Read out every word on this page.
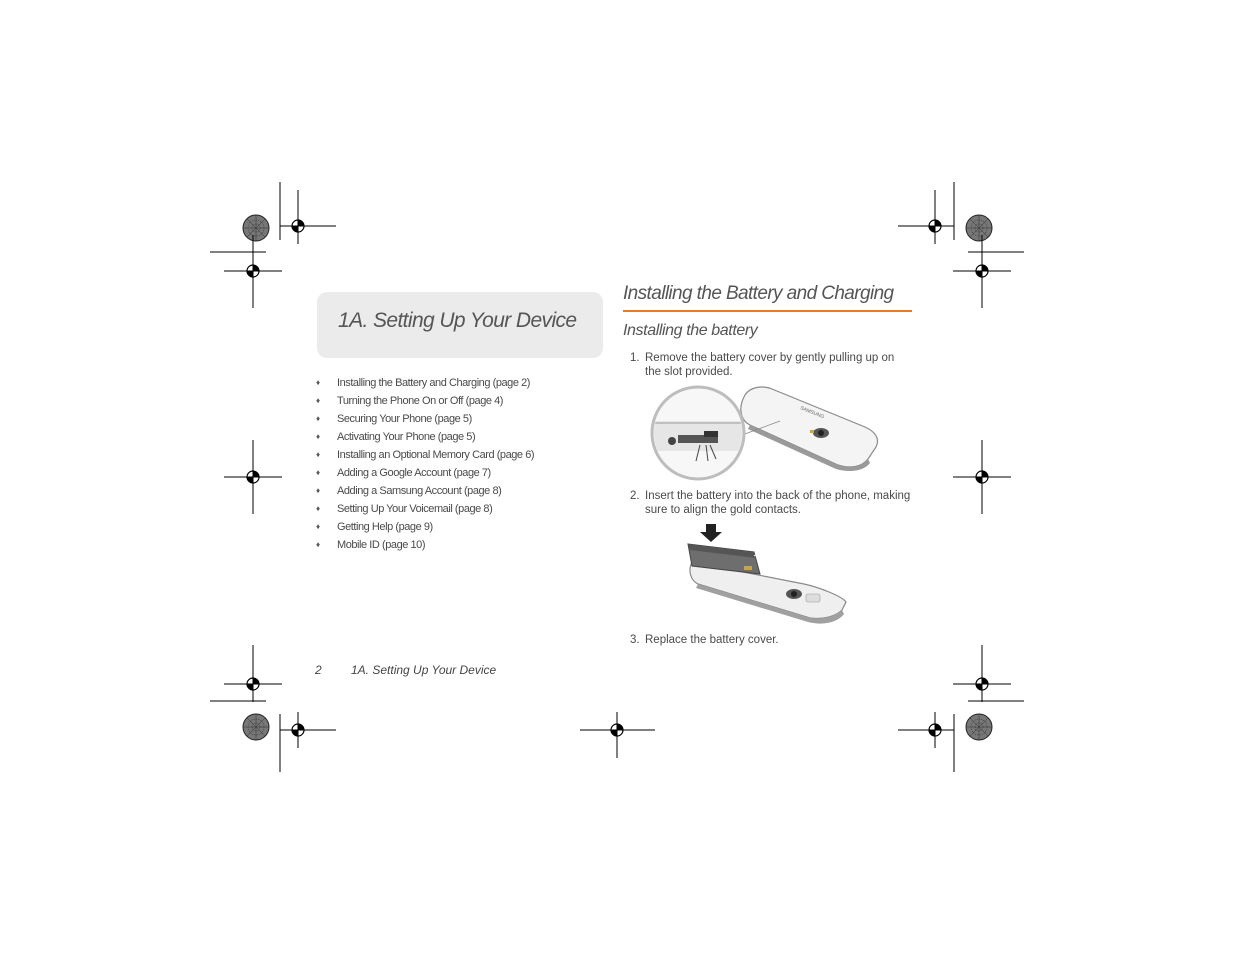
1A. Setting Up Your Device
♦ Installing the Battery and Charging (page 2)
♦ Turning the Phone On or Off (page 4)
♦ Securing Your Phone (page 5)
♦ Activating Your Phone (page 5)
♦ Installing an Optional Memory Card (page 6)
♦ Adding a Google Account (page 7)
♦ Adding a Samsung Account (page 8)
♦ Setting Up Your Voicemail (page 8)
♦ Getting Help (page 9)
♦ Mobile ID (page 10)
Installing the Battery and Charging
Installing the battery
1. Remove the battery cover by gently pulling up on the slot provided.
SAMSUNG
2. Insert the battery into the back of the phone, making sure to align the gold contacts.
3. Replace the battery cover.
2 1A. Setting Up Your Device
